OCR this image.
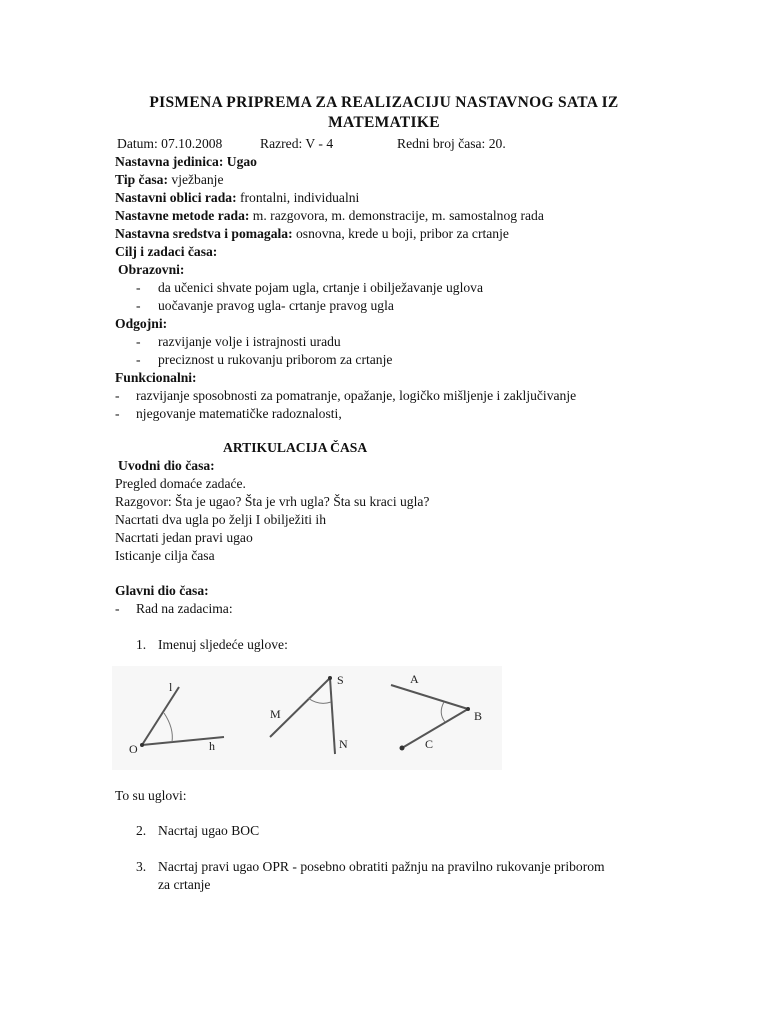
PISMENA PRIPREMA ZA REALIZACIJU NASTAVNOG SATA IZ
MATEMATIKE
Datum: 07.10.2008	Razred: V - 4	Redni broj časa: 20.
Nastavna jedinica: Ugao
Tip časa: vježbanje
Nastavni oblici rada: frontalni, individualni
Nastavne metode rada: m. razgovora, m. demonstracije, m. samostalnog rada
Nastavna sredstva i pomagala: osnovna, krede u boji, pribor za crtanje
Cilj i zadaci časa:
Obrazovni:
- da učenici shvate pojam ugla, crtanje i obilježavanje uglova
- uočavanje pravog ugla- crtanje pravog ugla
Odgojni:
- razvijanje volje i istrajnosti uradu
- preciznost u rukovanju priborom za crtanje
Funkcionalni:
- razvijanje sposobnosti za pomatranje, opažanje, logičko mišljenje i zaključivanje
- njegovanje matematičke radoznalosti,
ARTIKULACIJA ČASA
Uvodni dio časa:
Pregled domaće zadaće.
Razgovor: Šta je ugao? Šta je vrh ugla? Šta su kraci ugla?
Nacrtati dva ugla po želji I obilježiti ih
Nacrtati jedan pravi ugao
Isticanje cilja časa
Glavni dio časa:
- Rad na zadacima:
1. Imenuj sljedeće uglove:
l
O	h
M
S
N
A
B
C
To su uglovi:
2. Nacrtaj ugao BOC
3. Nacrtaj pravi ugao OPR - posebno obratiti pažnju na pravilno rukovanje priborom
za crtanje
